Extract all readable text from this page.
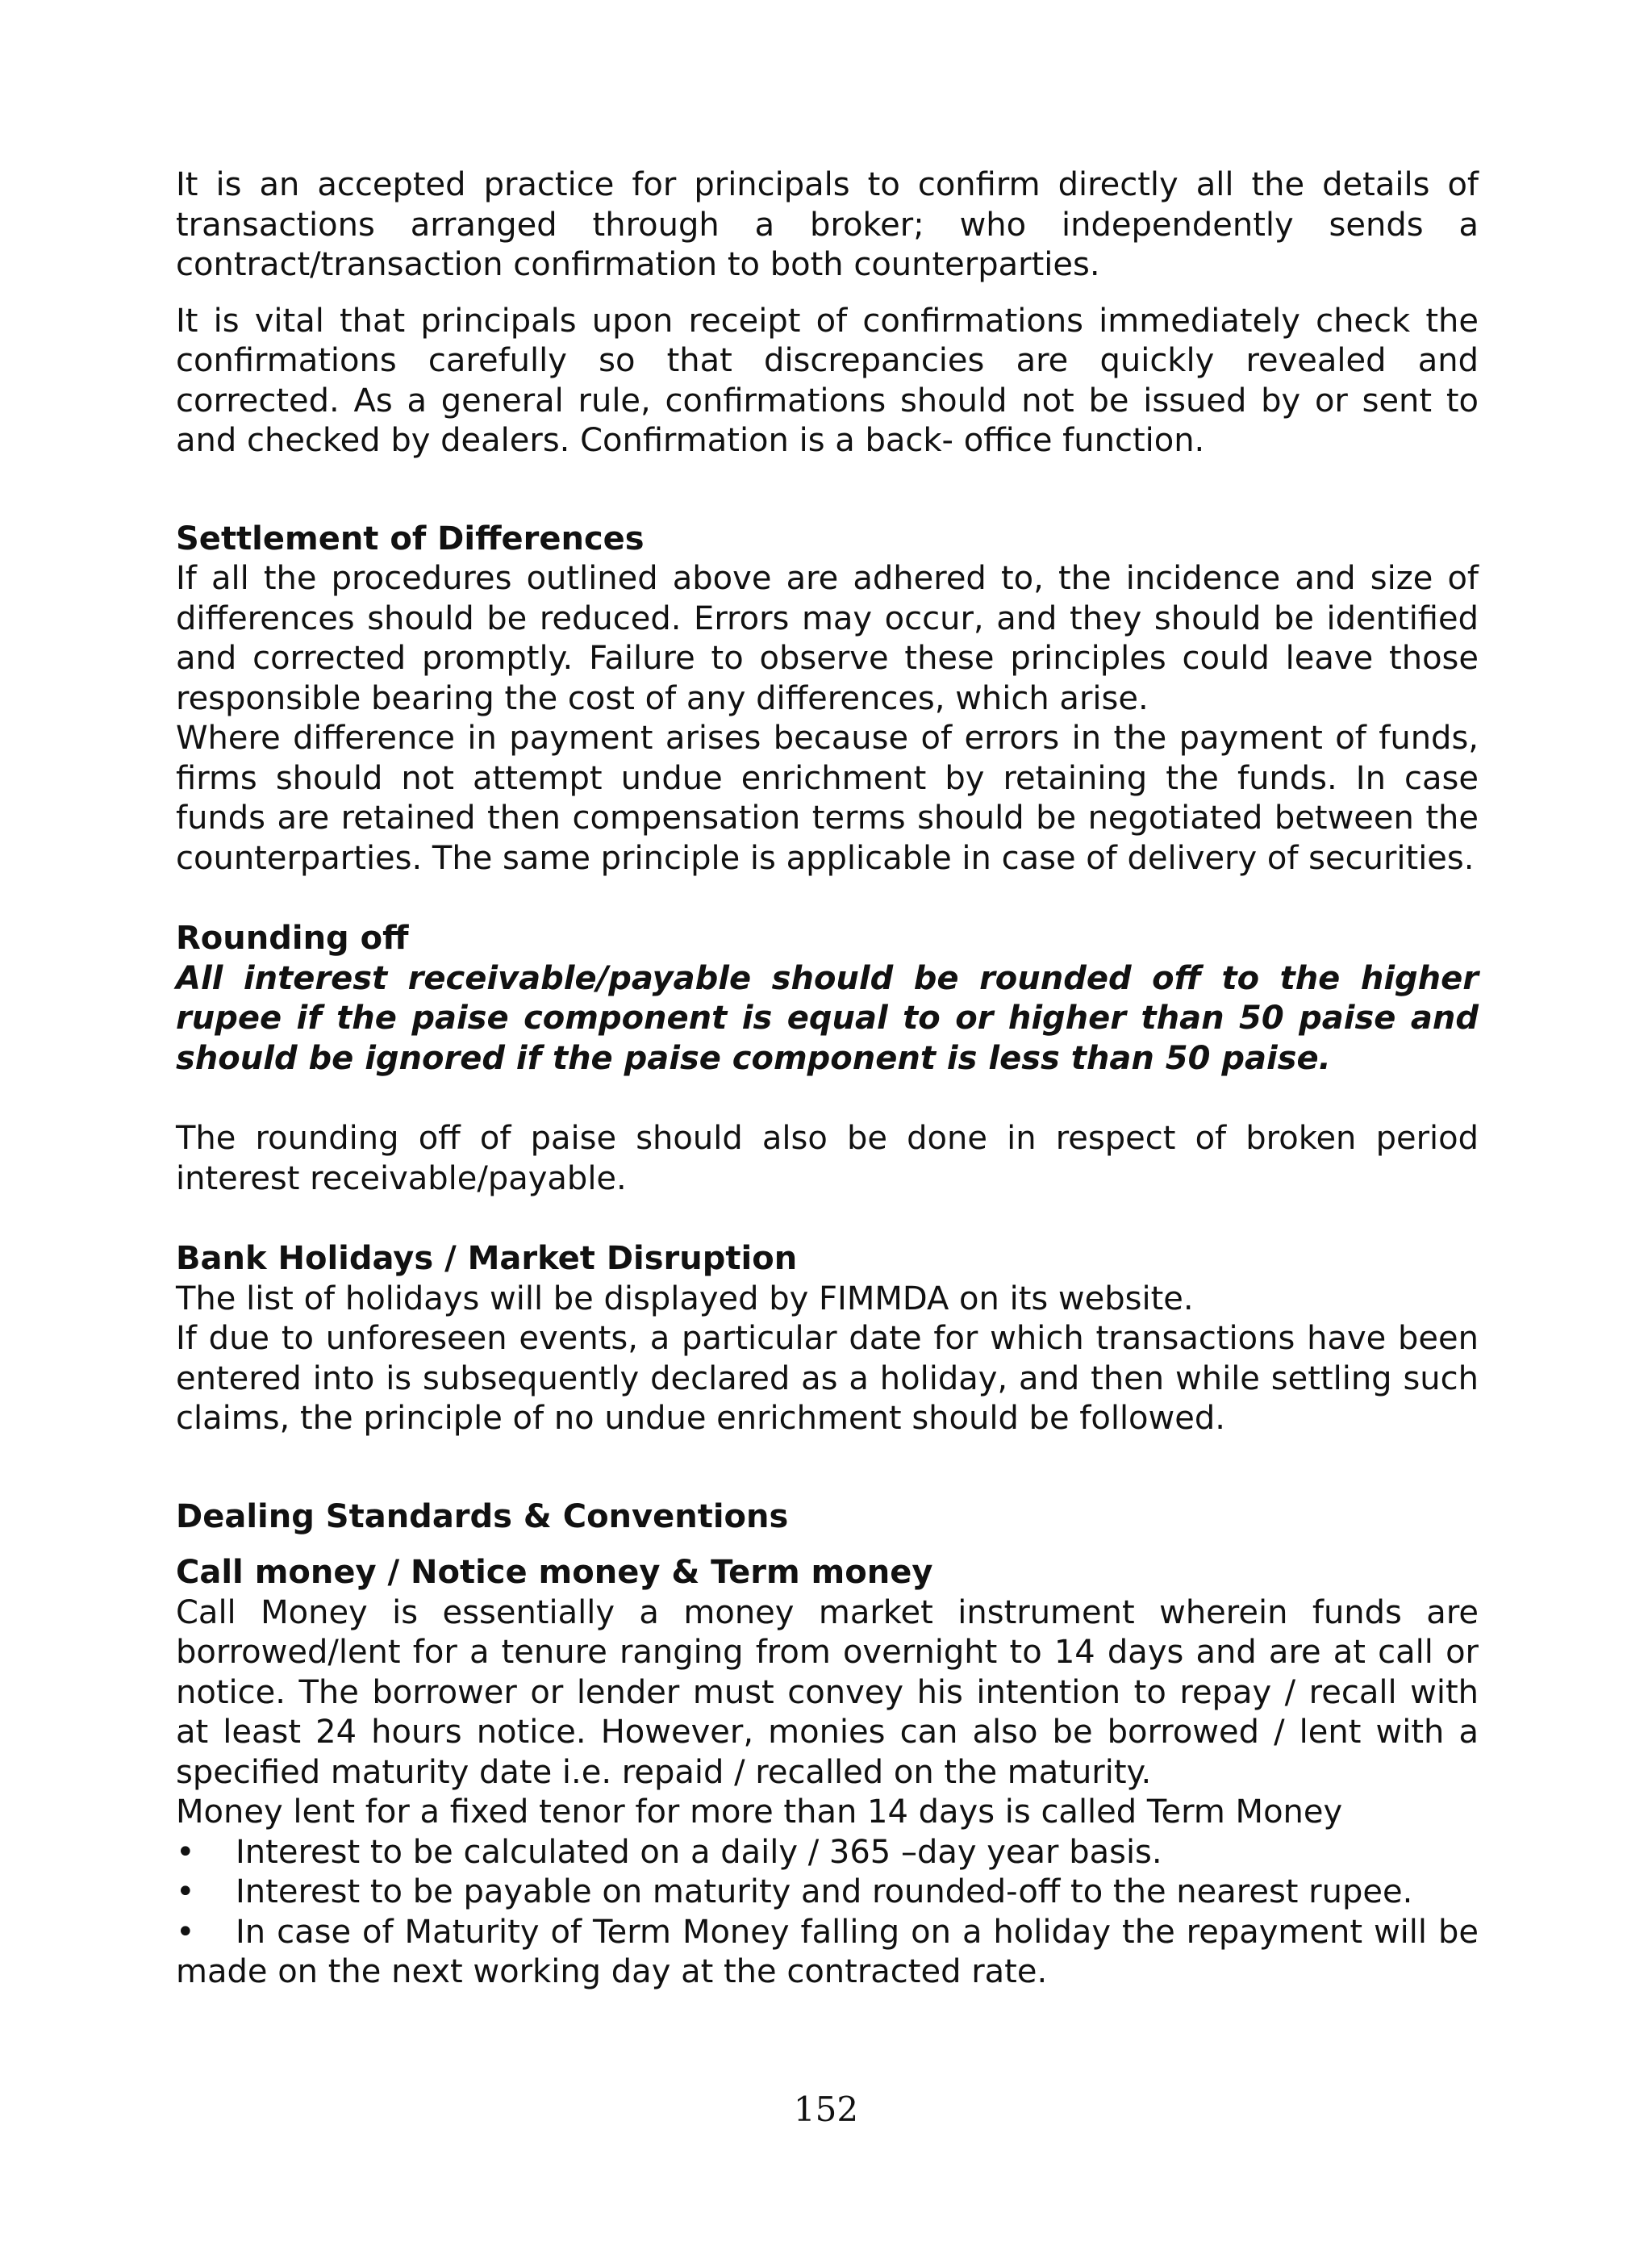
It is an accepted practice for principals to confirm directly all the details of transactions arranged through a broker; who independently sends a contract/transaction confirmation to both counterparties.

It is vital that principals upon receipt of confirmations immediately check the confirmations carefully so that discrepancies are quickly revealed and corrected. As a general rule, confirmations should not be issued by or sent to and checked by dealers. Confirmation is a back- office function.

Settlement of Differences

If all the procedures outlined above are adhered to, the incidence and size of differences should be reduced. Errors may occur, and they should be identified and corrected promptly. Failure to observe these principles could leave those responsible bearing the cost of any differences, which arise.

Where difference in payment arises because of errors in the payment of funds, firms should not attempt undue enrichment by retaining the funds. In case funds are retained then compensation terms should be negotiated between the counterparties. The same principle is applicable in case of delivery of securities.

Rounding off

All interest receivable/payable should be rounded off to the higher rupee if the paise component is equal to or higher than 50 paise and should be ignored if the paise component is less than 50 paise.

The rounding off of paise should also be done in respect of broken period interest receivable/payable.

Bank Holidays / Market Disruption

The list of holidays will be displayed by FIMMDA on its website.

If due to unforeseen events, a particular date for which transactions have been entered into is subsequently declared as a holiday, and then while settling such claims, the principle of no undue enrichment should be followed.

Dealing Standards & Conventions
Call money / Notice money & Term money

Call Money is essentially a money market instrument wherein funds are borrowed/lent for a tenure ranging from overnight to 14 days and are at call or notice. The borrower or lender must convey his intention to repay / recall with at least 24 hours notice. However, monies can also be borrowed / lent with a specified maturity date i.e. repaid / recalled on the maturity.

Money lent for a fixed tenor for more than 14 days is called Term Money

• Interest to be calculated on a daily / 365 –day year basis.

• Interest to be payable on maturity and rounded-off to the nearest rupee.

• In case of Maturity of Term Money falling on a holiday the repayment will be made on the next working day at the contracted rate.

152
